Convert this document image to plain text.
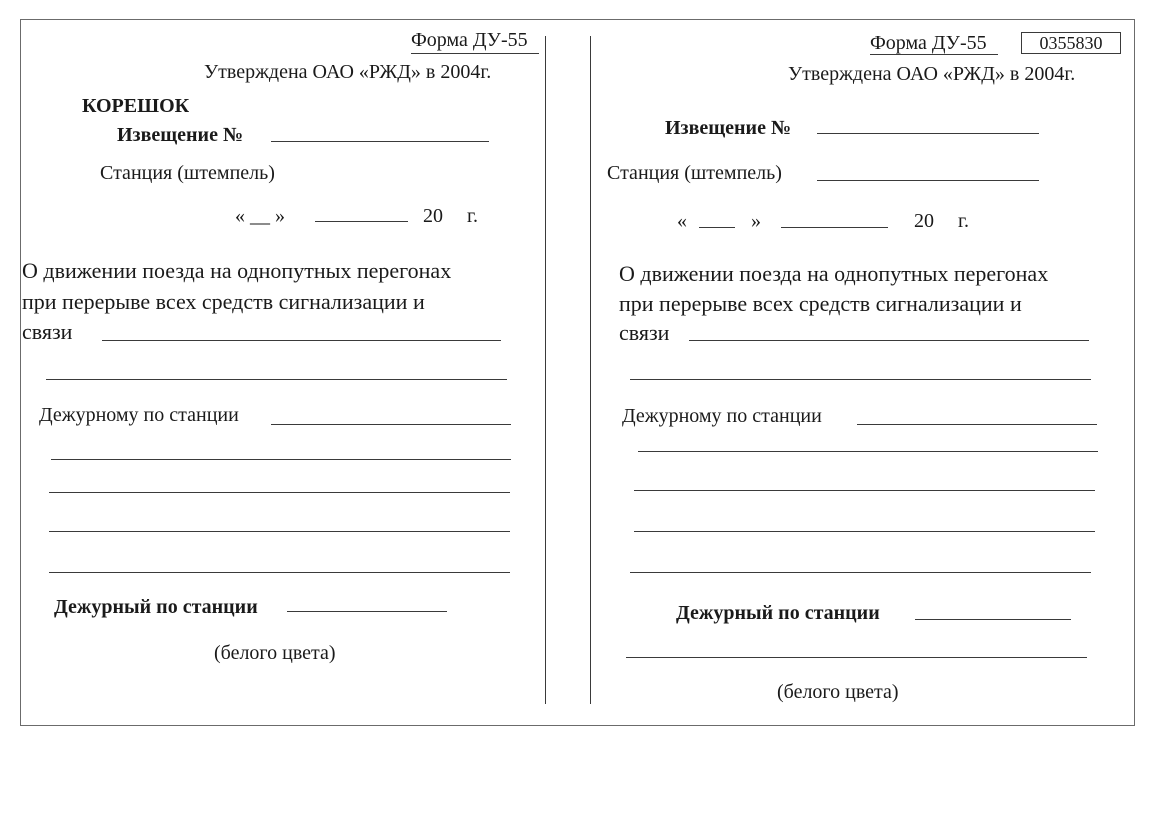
Форма ДУ-55
Утверждена ОАО «РЖД» в 2004г.
КОРЕШОК
Извещение №
Станция (штемпель)
« __ »	20 г.
О движении поезда на однопутных перегонах
при перерыве всех средств сигнализации и
связи
Дежурному по станции
Дежурный по станции
(белого цвета)
Форма ДУ-55	0355830
Утверждена ОАО «РЖД» в 2004г.
Извещение №
Станция (штемпель)
«	»	20 г.
О движении поезда на однопутных перегонах
при перерыве всех средств сигнализации и
связи
Дежурному по станции
Дежурный по станции
(белого цвета)
